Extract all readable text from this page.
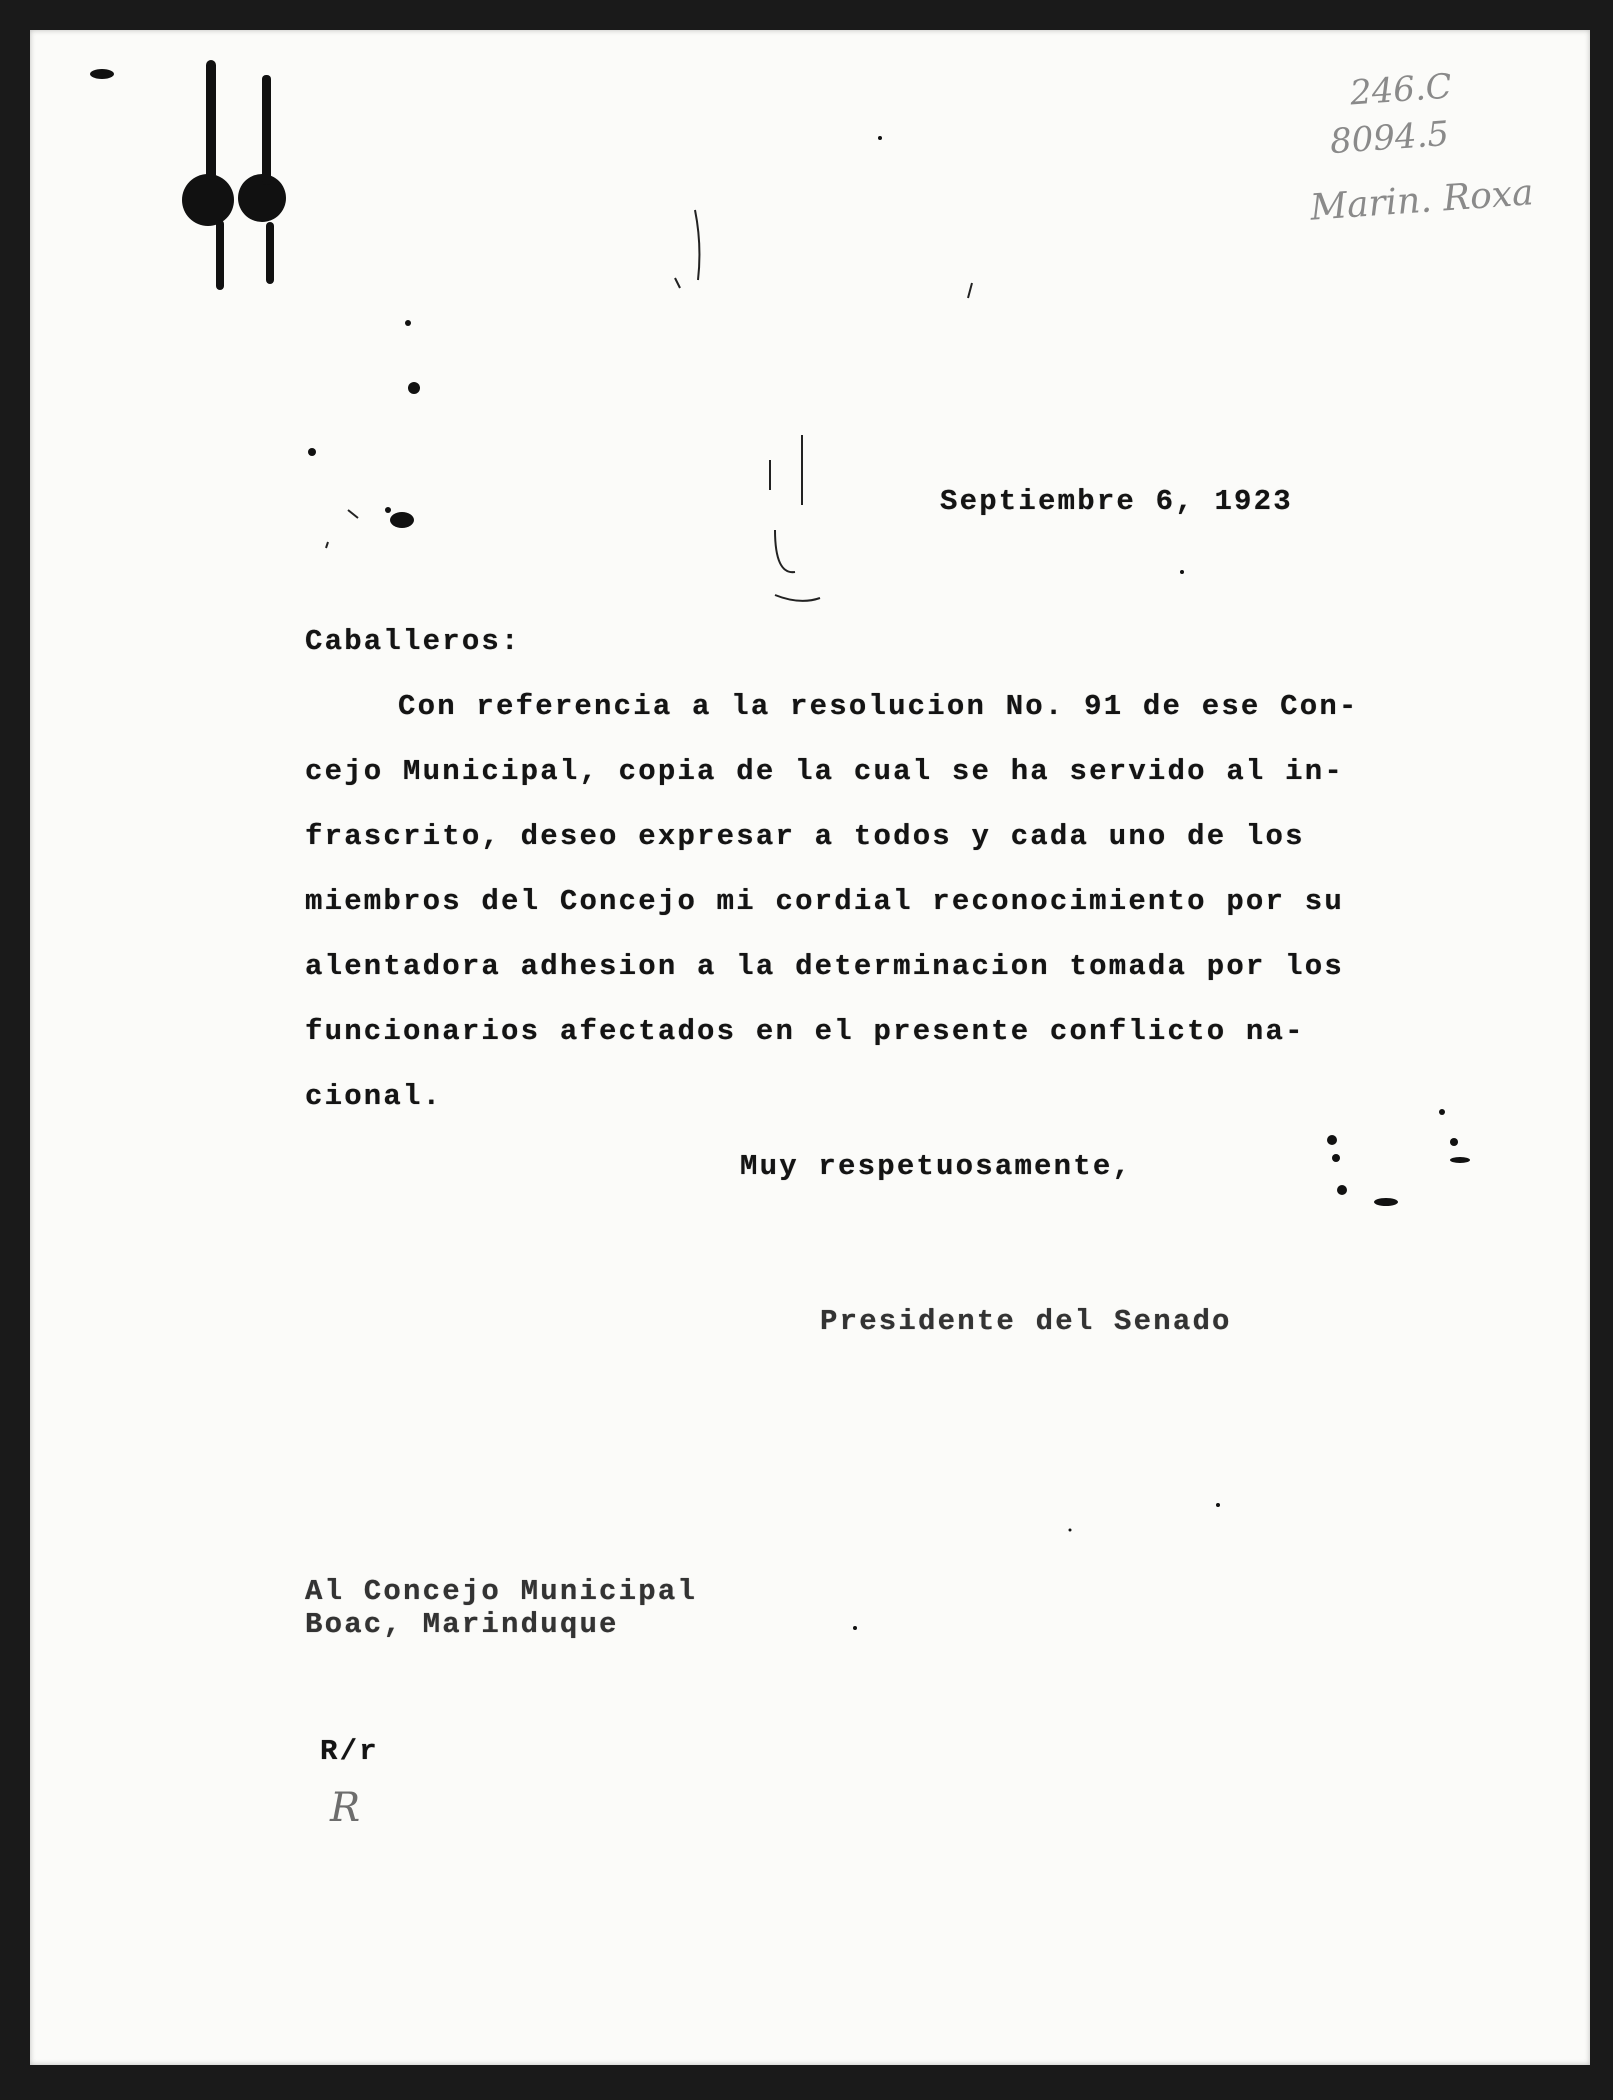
246.C
8094.5
Marin. Roxa
Septiembre 6, 1923
Caballeros:
Con referencia a la resolucion No. 91 de ese Con-
cejo Municipal, copia de la cual se ha servido al in-
frascrito, deseo expresar a todos y cada uno de los
miembros del Concejo mi cordial reconocimiento por su
alentadora adhesion a la determinacion tomada por los
funcionarios afectados en el presente conflicto na-
cional.
Muy respetuosamente,
Presidente del Senado
Al Concejo Municipal
Boac, Marinduque
R/r
R
